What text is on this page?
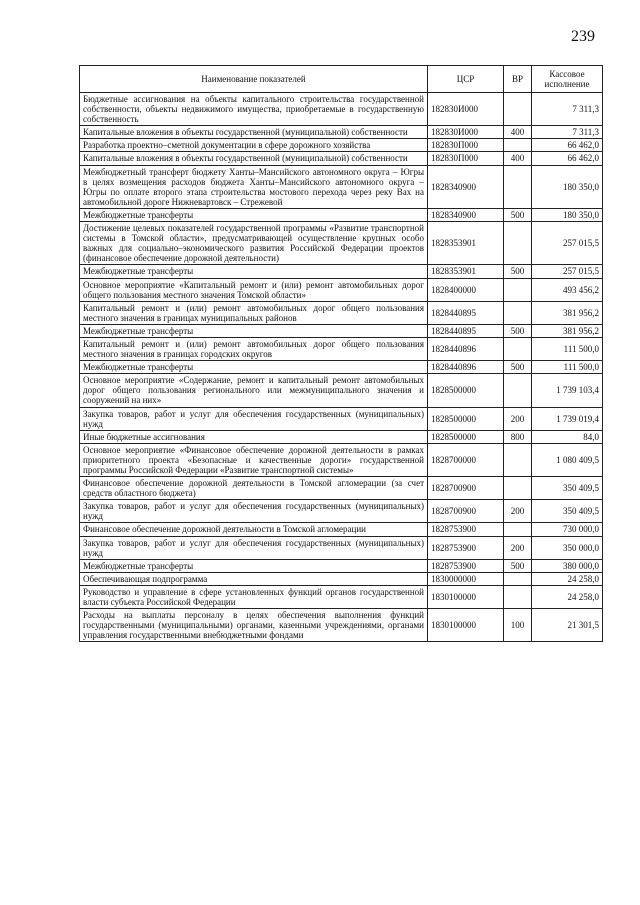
239
Наименование показателей	ЦСР	ВР	Кассовое исполнение
Бюджетные ассигнования на объекты капитального строительства государственной собственности, объекты недвижимого имущества, приобретаемые в государственную собственность	182830И000		7 311,3
Капитальные вложения в объекты государственной (муниципальной) собственности	182830И000	400	7 311,3
Разработка проектно–сметной документации в сфере дорожного хозяйства	182830П000		66 462,0
Капитальные вложения в объекты государственной (муниципальной) собственности	182830П000	400	66 462,0
Межбюджетный трансферт бюджету Ханты–Мансийского автономного округа – Югры в целях возмещения расходов бюджета Ханты–Мансийского автономного округа – Югры по оплате второго этапа строительства мостового перехода через реку Вах на автомобильной дороге Нижневартовск – Стрежевой	1828340900		180 350,0
Межбюджетные трансферты	1828340900	500	180 350,0
Достижение целевых показателей государственной программы «Развитие транспортной системы в Томской области», предусматривающей осуществление крупных особо важных для социально–экономического развития Российской Федерации проектов (финансовое обеспечение дорожной деятельности)	1828353901		257 015,5
Межбюджетные трансферты	1828353901	500	257 015,5
Основное мероприятие «Капитальный ремонт и (или) ремонт автомобильных дорог общего пользования местного значения Томской области»	1828400000		493 456,2
Капитальный ремонт и (или) ремонт автомобильных дорог общего пользования местного значения в границах муниципальных районов	1828440895		381 956,2
Межбюджетные трансферты	1828440895	500	381 956,2
Капитальный ремонт и (или) ремонт автомобильных дорог общего пользования местного значения в границах городских округов	1828440896		111 500,0
Межбюджетные трансферты	1828440896	500	111 500,0
Основное мероприятие «Содержание, ремонт и капитальный ремонт автомобильных дорог общего пользования регионального или межмуниципального значения и сооружений на них»	1828500000		1 739 103,4
Закупка товаров, работ и услуг для обеспечения государственных (муниципальных) нужд	1828500000	200	1 739 019,4
Иные бюджетные ассигнования	1828500000	800	84,0
Основное мероприятие «Финансовое обеспечение дорожной деятельности в рамках приоритетного проекта «Безопасные и качественные дороги» государственной программы Российской Федерации «Развитие транспортной системы»	1828700000		1 080 409,5
Финансовое обеспечение дорожной деятельности в Томской агломерации (за счет средств областного бюджета)	1828700900		350 409,5
Закупка товаров, работ и услуг для обеспечения государственных (муниципальных) нужд	1828700900	200	350 409,5
Финансовое обеспечение дорожной деятельности в Томской агломерации	1828753900		730 000,0
Закупка товаров, работ и услуг для обеспечения государственных (муниципальных) нужд	1828753900	200	350 000,0
Межбюджетные трансферты	1828753900	500	380 000,0
Обеспечивающая подпрограмма	1830000000		24 258,0
Руководство и управление в сфере установленных функций органов государственной власти субъекта Российской Федерации	1830100000		24 258,0
Расходы на выплаты персоналу в целях обеспечения выполнения функций государственными (муниципальными) органами, казенными учреждениями, органами управления государственными внебюджетными фондами	1830100000	100	21 301,5
